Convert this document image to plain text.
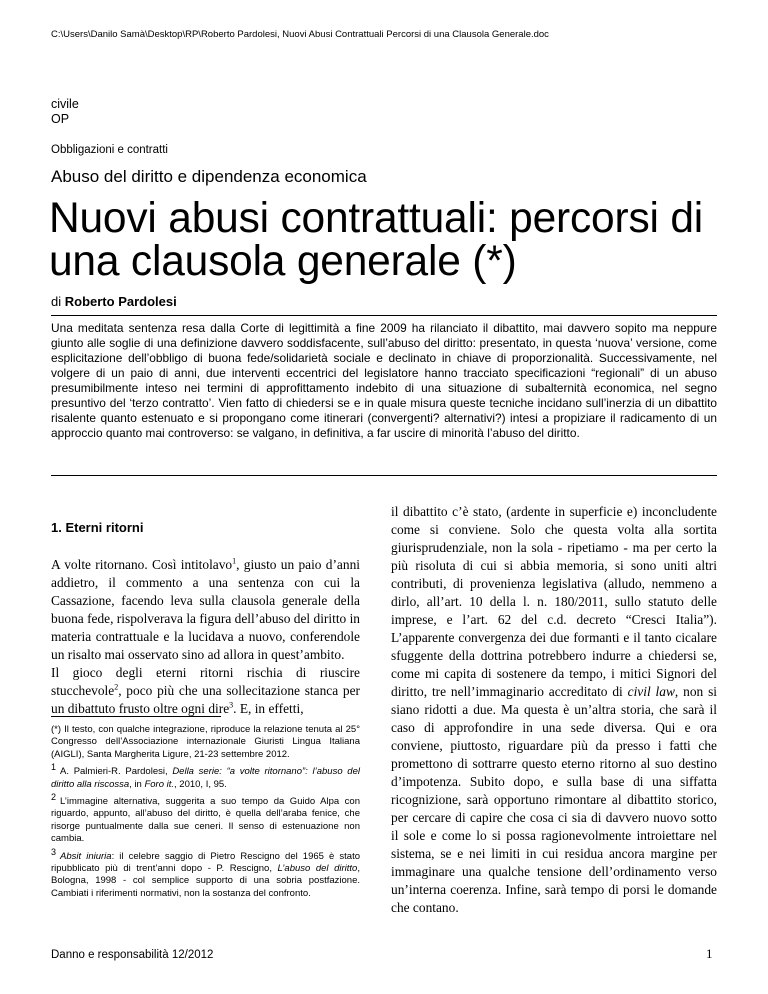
C:\Users\Danilo Samà\Desktop\RP\Roberto Pardolesi, Nuovi Abusi Contrattuali Percorsi di una Clausola Generale.doc
civile
OP
Obbligazioni e contratti
Abuso del diritto e dipendenza economica
Nuovi abusi contrattuali: percorsi di una clausola generale (*)
di Roberto Pardolesi
Una meditata sentenza resa dalla Corte di legittimità a fine 2009 ha rilanciato il dibattito, mai davvero sopito ma neppure giunto alle soglie di una definizione davvero soddisfacente, sull’abuso del diritto: presentato, in questa ‘nuova’ versione, come esplicitazione dell’obbligo di buona fede/solidarietà sociale e declinato in chiave di proporzionalità. Successivamente, nel volgere di un paio di anni, due interventi eccentrici del legislatore hanno tracciato specificazioni “regionali” di un abuso presumibilmente inteso nei termini di approfittamento indebito di una situazione di subalternità economica, nel segno presuntivo del ‘terzo contratto’. Vien fatto di chiedersi se e in quale misura queste tecniche incidano sull’inerzia di un dibattito risalente quanto estenuato e si propongano come itinerari (convergenti? alternativi?) intesi a propiziare il radicamento di un approccio quanto mai controverso: se valgano, in definitiva, a far uscire di minorità l’abuso del diritto.
1. Eterni ritorni

A volte ritornano. Così intitolavo$^1$, giusto un paio d’anni addietro, il commento a una sentenza con cui la Cassazione, facendo leva sulla clausola generale della buona fede, rispolverava la figura dell’abuso del diritto in materia contrattuale e la lucidava a nuovo, conferendole un risalto mai osservato sino ad allora in quest’ambito.

Il gioco degli eterni ritorni rischia di riuscire stucchevole$^2$, poco più che una sollecitazione stanca per un dibattuto frusto oltre ogni dire$^3$. E, in effetti,

il dibattito c’è stato, (ardente in superficie e) inconcludente come si conviene. Solo che questa volta alla sortita giurisprudenziale, non la sola - ripetiamo - ma per certo la più risoluta di cui si abbia memoria, si sono uniti altri contributi, di provenienza legislativa (alludo, nemmeno a dirlo, all’art. 10 della l. n. 180/2011, sullo statuto delle imprese, e l’art. 62 del c.d. decreto “Cresci Italia”). L’apparente convergenza dei due formanti e il tanto cicalare sfuggente della dottrina potrebbero indurre a chiedersi se, come mi capita di sostenere da tempo, i mitici Signori del diritto, tre nell’immaginario accreditato di civil law, non si siano ridotti a due. Ma questa è un’altra storia, che sarà il caso di approfondire in una sede diversa. Qui e ora conviene, piuttosto, riguardare più da presso i fatti che promettono di sottrarre questo eterno ritorno al suo destino d’impotenza. Subito dopo, e sulla base di una siffatta ricognizione, sarà opportuno rimontare al dibattito storico, per cercare di capire che cosa ci sia di davvero nuovo sotto il sole e come lo si possa ragionevolmente introiettare nel sistema, se e nei limiti in cui residua ancora margine per immaginare una qualche tensione dell’ordinamento verso un’interna coerenza. Infine, sarà tempo di porsi le domande che contano.

(*) Il testo, con qualche integrazione, riproduce la relazione tenuta al 25° Congresso dell’Associazione internazionale Giuristi Lingua Italiana (AIGLI), Santa Margherita Ligure, 21-23 settembre 2012.
1 A. Palmieri-R. Pardolesi, Della serie: “a volte ritornano”: l’abuso del diritto alla riscossa, in Foro it., 2010, I, 95.
2 L’immagine alternativa, suggerita a suo tempo da Guido Alpa con riguardo, appunto, all’abuso del diritto, è quella dell’araba fenice, che risorge puntualmente dalla sue ceneri. Il senso di estenuazione non cambia.
3 Absit iniuria: il celebre saggio di Pietro Rescigno del 1965 è stato ripubblicato più di trent’anni dopo - P. Rescigno, L’abuso del diritto, Bologna, 1998 - col semplice supporto di una sobria postfazione. Cambiati i riferimenti normativi, non la sostanza del confronto.
Danno e responsabilità 12/2012	1
